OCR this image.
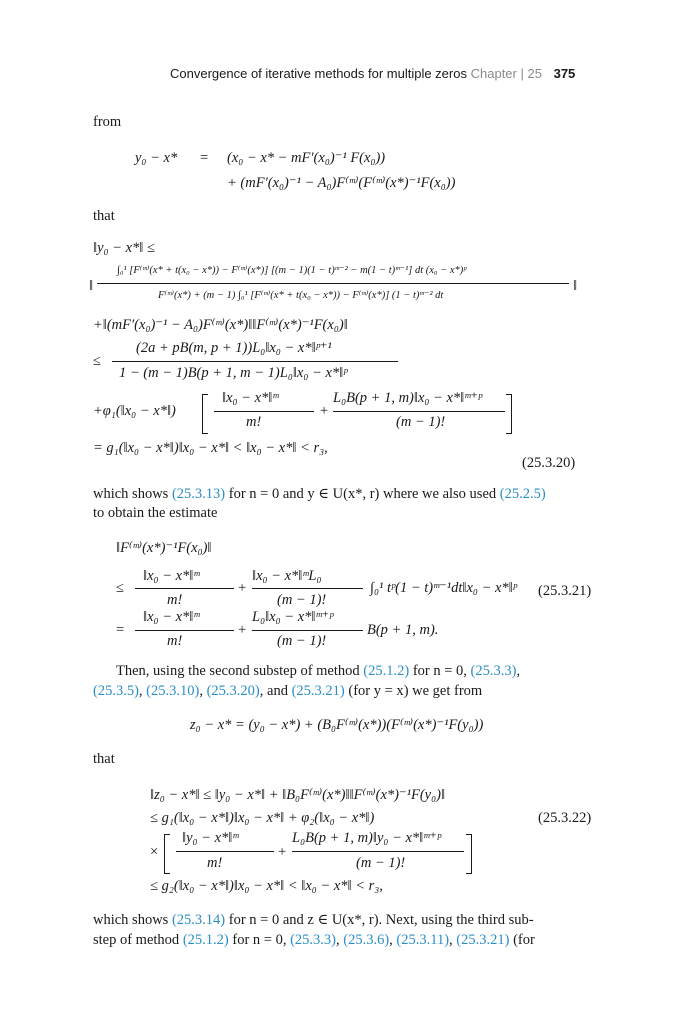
Convergence of iterative methods for multiple zeros Chapter | 25 375
from
y₀ − x* = (x₀ − x* − mF′(x₀)⁻¹ F(x₀))
+ (mF′(x₀)⁻¹ − A₀)F⁽ᵐ⁾(F⁽ᵐ⁾(x*)⁻¹F(x₀))
that
‖y₀ − x*‖ ≤
‖
∫₀¹ [F⁽ᵐ⁾(x* + t(x₀ − x*)) − F⁽ᵐ⁾(x*)] [(m − 1)(1 − t)ᵐ⁻² − m(1 − t)ᵐ⁻¹] dt (x₀ − x*)ᵖ
F⁽ᵐ⁾(x*) + (m − 1) ∫₀¹ [F⁽ᵐ⁾(x* + t(x₀ − x*)) − F⁽ᵐ⁾(x*)] (1 − t)ᵐ⁻² dt
‖
+‖(mF′(x₀)⁻¹ − A₀)F⁽ᵐ⁾(x*)‖‖F⁽ᵐ⁾(x*)⁻¹F(x₀)‖
≤
(2a + pB(m, p + 1))L₀‖x₀ − x*‖ᵖ⁺¹
1 − (m − 1)B(p + 1, m − 1)L₀‖x₀ − x*‖ᵖ
+φ₁(‖x₀ − x*‖)
‖x₀ − x*‖ᵐ
m!
+
L₀B(p + 1, m)‖x₀ − x*‖ᵐ⁺ᵖ
(m − 1)!
= g₁(‖x₀ − x*‖)‖x₀ − x*‖ < ‖x₀ − x*‖ < r₃,
(25.3.20)
which shows (25.3.13) for n = 0 and y ∈ U(x*, r) where we also used (25.2.5)
to obtain the estimate
‖F⁽ᵐ⁾(x*)⁻¹F(x₀)‖
≤
‖x₀ − x*‖ᵐ
m!
+
‖x₀ − x*‖ᵐL₀
(m − 1)!
∫₀¹ tᵖ(1 − t)ᵐ⁻¹dt‖x₀ − x*‖ᵖ (25.3.21)
=
‖x₀ − x*‖ᵐ
m!
+
L₀‖x₀ − x*‖ᵐ⁺ᵖ
(m − 1)!
B(p + 1, m).
Then, using the second substep of method (25.1.2) for n = 0, (25.3.3),
(25.3.5), (25.3.10), (25.3.20), and (25.3.21) (for y = x) we get from
z₀ − x* = (y₀ − x*) + (B₀F⁽ᵐ⁾(x*))(F⁽ᵐ⁾(x*)⁻¹F(y₀))
that
‖z₀ − x*‖ ≤ ‖y₀ − x*‖ + ‖B₀F⁽ᵐ⁾(x*)‖‖F⁽ᵐ⁾(x*)⁻¹F(y₀)‖
≤ g₁(‖x₀ − x*‖)‖x₀ − x*‖ + φ₂(‖x₀ − x*‖)	(25.3.22)
×
‖y₀ − x*‖ᵐ
m!
+
L₀B(p + 1, m)‖y₀ − x*‖ᵐ⁺ᵖ
(m − 1)!
≤ g₂(‖x₀ − x*‖)‖x₀ − x*‖ < ‖x₀ − x*‖ < r₃,
which shows (25.3.14) for n = 0 and z ∈ U(x*, r). Next, using the third sub-
step of method (25.1.2) for n = 0, (25.3.3), (25.3.6), (25.3.11), (25.3.21) (for
